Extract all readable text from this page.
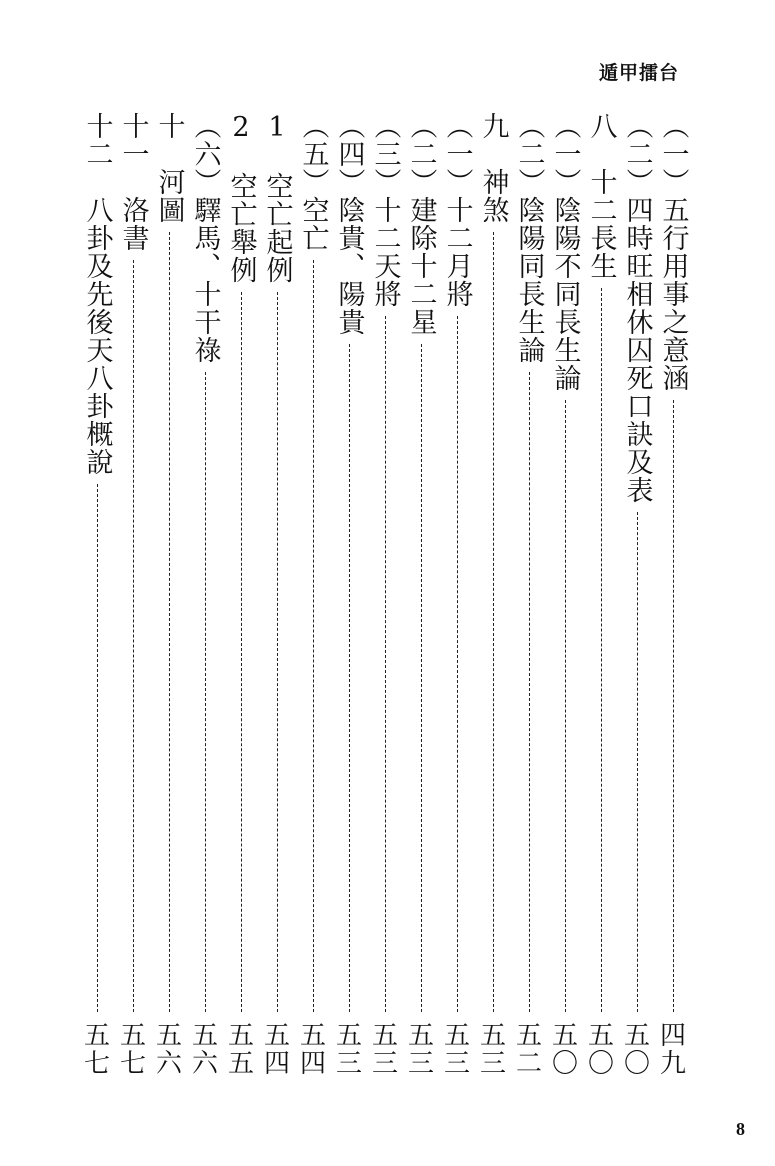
遁甲擂台
（一）五行用事之意涵
四
九
（二）四時旺相休囚死口訣及表
五
〇
八　十二長生
五
〇
（一）陰陽不同長生論
五
〇
（二）陰陽同長生論
五
二
九　神煞
五
三
（一）十二月將
五
三
（二）建除十二星
五
三
（三）十二天將
五
三
（四）陰貴、陽貴
五
三
（五）空亡
五
四
1　空亡起例
五
四
2　空亡舉例
五
五
（六）驛馬、十干祿
五
六
十　河圖
五
六
十一　洛書
五
七
十二　八卦及先後天八卦概說
五
七
8
